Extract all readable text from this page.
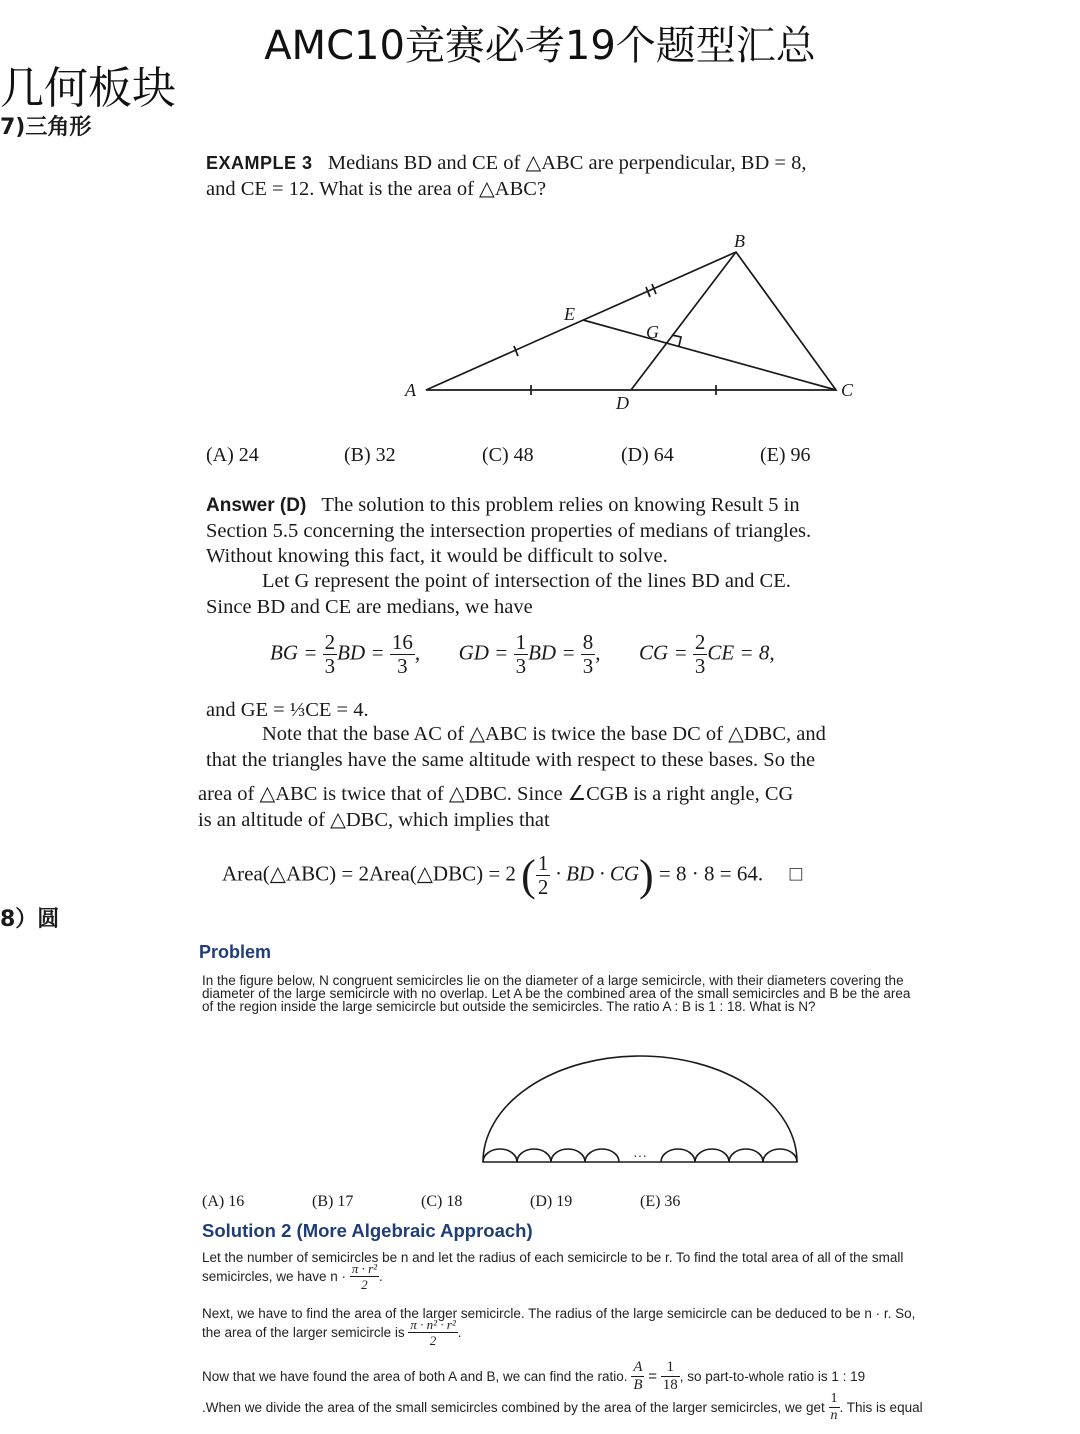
AMC10竞赛必考19个题型汇总
几何板块
7)三角形
EXAMPLE 3 Medians BD and CE of △ABC are perpendicular, BD = 8,
and CE = 12. What is the area of △ABC?
B
E
G
A	C
D
(A) 24	(B) 32	(C) 48	(D) 64	(E) 96
Answer (D) The solution to this problem relies on knowing Result 5 in
Section 5.5 concerning the intersection properties of medians of triangles.
Without knowing this fact, it would be difficult to solve.
Let G represent the point of intersection of the lines BD and CE.
Since BD and CE are medians, we have
BG = $\frac{2}{3}$ BD = $\frac{16}{3}$ , GD = $\frac{1}{3}$ BD = $\frac{8}{3}$ , CG = $\frac{2}{3}$ CE = 8,
and GE = ⅓CE = 4.
Note that the base AC of △ABC is twice the base DC of △DBC, and
that the triangles have the same altitude with respect to these bases. So the
area of △ABC is twice that of △DBC. Since ∠CGB is a right angle, CG
is an altitude of △DBC, which implies that
Area(△ABC) = 2Area(△DBC) = 2 ( $\frac{1}{2}$ · BD · CG) = 8 · 8 = 64. □
8）圆
Problem
In the figure below, N congruent semicircles lie on the diameter of a large semicircle, with their diameters covering the
diameter of the large semicircle with no overlap. Let A be the combined area of the small semicircles and B be the area
of the region inside the large semicircle but outside the semicircles. The ratio A : B is 1 : 18. What is N?
···
(A) 16	(B) 17	(C) 18	(D) 19	(E) 36
Solution 2 (More Algebraic Approach)
Let the number of semicircles be n and let the radius of each semicircle to be r. To find the total area of all of the small
semicircles, we have $n \cdot \frac{\text{π · r²}}{2}$ .
Next, we have to find the area of the larger semicircle. The radius of the large semicircle can be deduced to be n · r. So,
the area of the larger semicircle is $\frac{\text{π · n² · r²}}{2}$ .
Now that we have found the area of both A and B, we can find the ratio. $\frac{A}{B} = \frac{1}{18}$ , so part-to-whole ratio is 1 : 19
.When we divide the area of the small semicircles combined by the area of the larger semicircles, we get $\frac{1}{n}$ . This is equal
